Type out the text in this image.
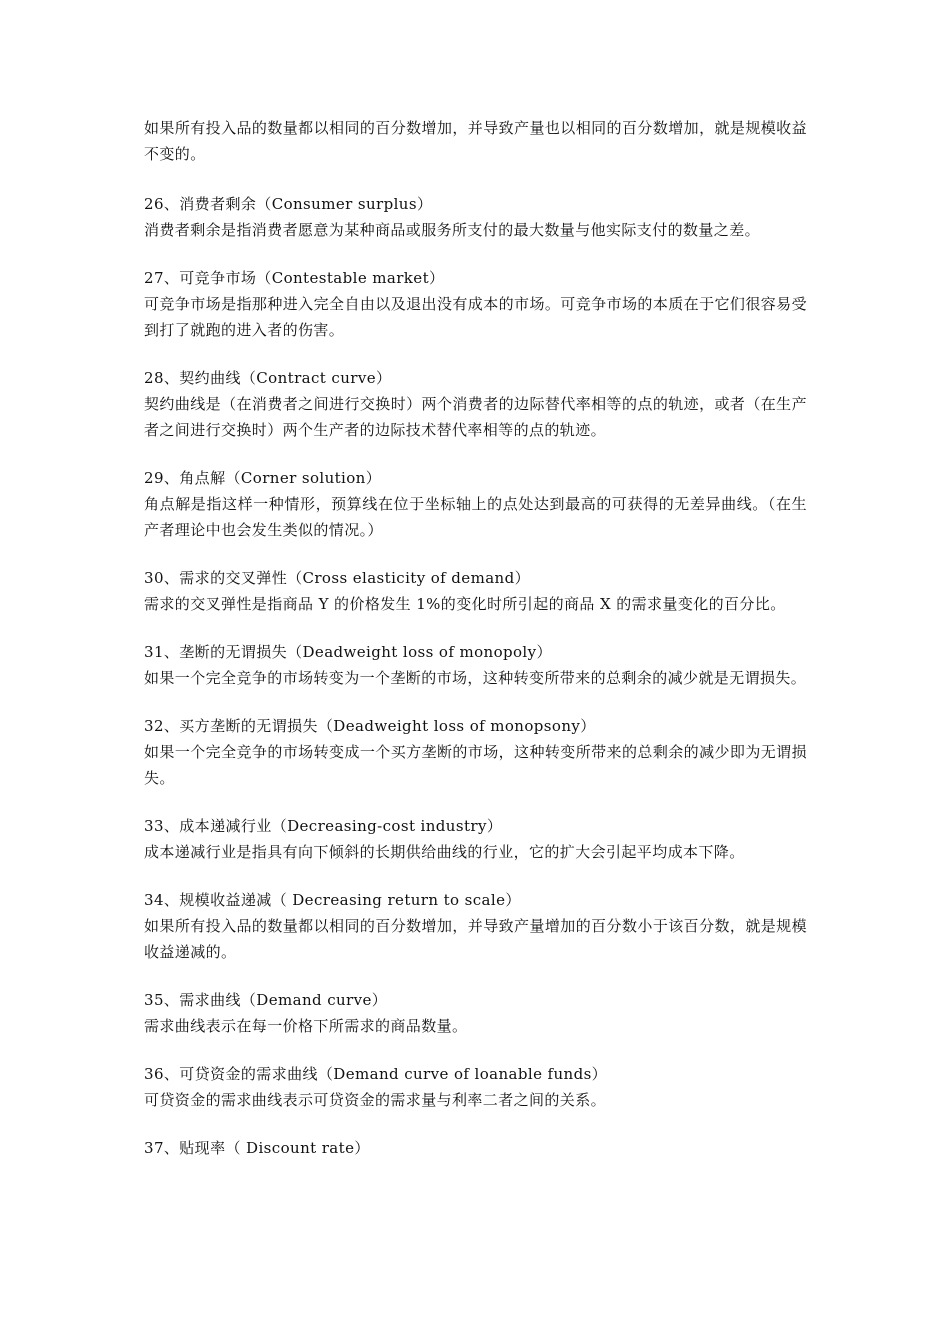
如果所有投入品的数量都以相同的百分数增加，并导致产量也以相同的百分数增加，就是规模收益不变的。

26、消费者剩余（Consumer surplus）

消费者剩余是指消费者愿意为某种商品或服务所支付的最大数量与他实际支付的数量之差。

27、可竞争市场（Contestable market）

可竞争市场是指那种进入完全自由以及退出没有成本的市场。可竞争市场的本质在于它们很容易受到打了就跑的进入者的伤害。

28、契约曲线（Contract curve）

契约曲线是（在消费者之间进行交换时）两个消费者的边际替代率相等的点的轨迹，或者（在生产者之间进行交换时）两个生产者的边际技术替代率相等的点的轨迹。

29、角点解（Corner solution）

角点解是指这样一种情形，预算线在位于坐标轴上的点处达到最高的可获得的无差异曲线。（在生产者理论中也会发生类似的情况。）

30、需求的交叉弹性（Cross elasticity of demand）

需求的交叉弹性是指商品 Y 的价格发生 1%的变化时所引起的商品 X 的需求量变化的百分比。

31、垄断的无谓损失（Deadweight loss of monopoly）

如果一个完全竞争的市场转变为一个垄断的市场，这种转变所带来的总剩余的减少就是无谓损失。

32、买方垄断的无谓损失（Deadweight loss of monopsony）

如果一个完全竞争的市场转变成一个买方垄断的市场，这种转变所带来的总剩余的减少即为无谓损失。

33、成本递减行业（Decreasing-cost industry）

成本递减行业是指具有向下倾斜的长期供给曲线的行业，它的扩大会引起平均成本下降。

34、规模收益递减（ Decreasing return to scale）

如果所有投入品的数量都以相同的百分数增加，并导致产量增加的百分数小于该百分数，就是规模收益递减的。

35、需求曲线（Demand curve）

需求曲线表示在每一价格下所需求的商品数量。

36、可贷资金的需求曲线（Demand curve of loanable funds）

可贷资金的需求曲线表示可贷资金的需求量与利率二者之间的关系。

37、贴现率（ Discount rate）
